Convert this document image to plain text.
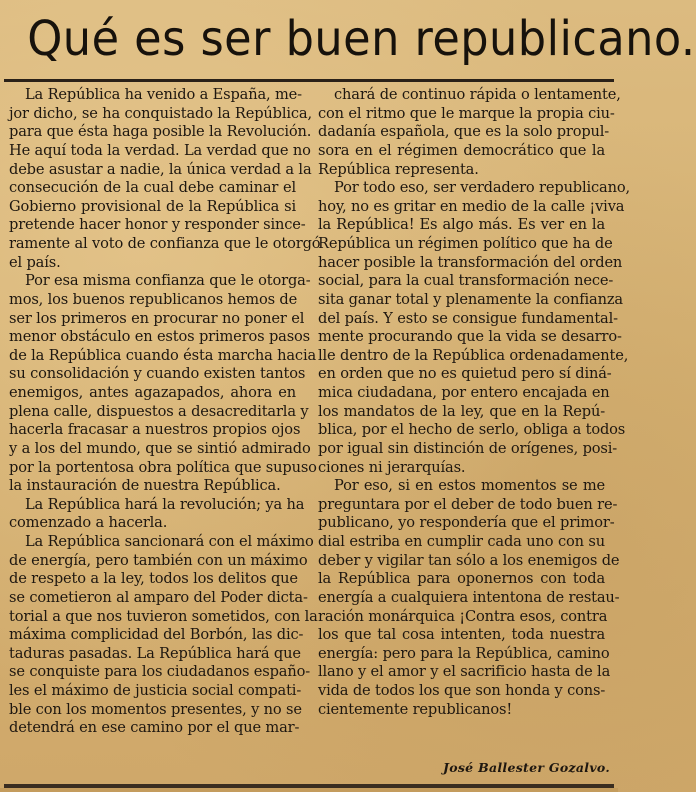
Qué es ser buen republicano.

La República ha venido a España, me-
jor dicho, se ha conquistado la República,
para que ésta haga posible la Revolución.
He aquí toda la verdad. La verdad que no
debe asustar a nadie, la única verdad a la
consecución de la cual debe caminar el
Gobierno provisional de la República si
pretende hacer honor y responder since-
ramente al voto de confianza que le otorgó
el país.

Por esa misma confianza que le otorga-
mos, los buenos republicanos hemos de
ser los primeros en procurar no poner el
menor obstáculo en estos primeros pasos
de la República cuando ésta marcha hacia
su consolidación y cuando existen tantos
enemigos, antes agazapados, ahora en
plena calle, dispuestos a desacreditarla y
hacerla fracasar a nuestros propios ojos
y a los del mundo, que se sintió admirado
por la portentosa obra política que supuso
la instauración de nuestra República.

La República hará la revolución; ya ha
comenzado a hacerla.

La República sancionará con el máximo
de energía, pero también con un máximo
de respeto a la ley, todos los delitos que
se cometieron al amparo del Poder dicta-
torial a que nos tuvieron sometidos, con la
máxima complicidad del Borbón, las dic-
taduras pasadas. La República hará que
se conquiste para los ciudadanos españo-
les el máximo de justicia social compati-
ble con los momentos presentes, y no se
detendrá en ese camino por el que mar-

chará de continuo rápida o lentamente,
con el ritmo que le marque la propia ciu-
dadanía española, que es la solo propul-
sora en el régimen democrático que la
República representa.

Por todo eso, ser verdadero republicano,
hoy, no es gritar en medio de la calle ¡viva
la República! Es algo más. Es ver en la
República un régimen político que ha de
hacer posible la transformación del orden
social, para la cual transformación nece-
sita ganar total y plenamente la confianza
del país. Y esto se consigue fundamental-
mente procurando que la vida se desarro-
lle dentro de la República ordenadamente,
en orden que no es quietud pero sí diná-
mica ciudadana, por entero encajada en
los mandatos de la ley, que en la Repú-
blica, por el hecho de serlo, obliga a todos
por igual sin distinción de orígenes, posi-
ciones ni jerarquías.

Por eso, si en estos momentos se me
preguntara por el deber de todo buen re-
publicano, yo respondería que el primor-
dial estriba en cumplir cada uno con su
deber y vigilar tan sólo a los enemigos de
la República para oponernos con toda
energía a cualquiera intentona de restau-
ración monárquica ¡Contra esos, contra
los que tal cosa intenten, toda nuestra
energía: pero para la República, camino
llano y el amor y el sacrificio hasta de la
vida de todos los que son honda y cons-
cientemente republicanos!

José Ballester Gozalvo.
